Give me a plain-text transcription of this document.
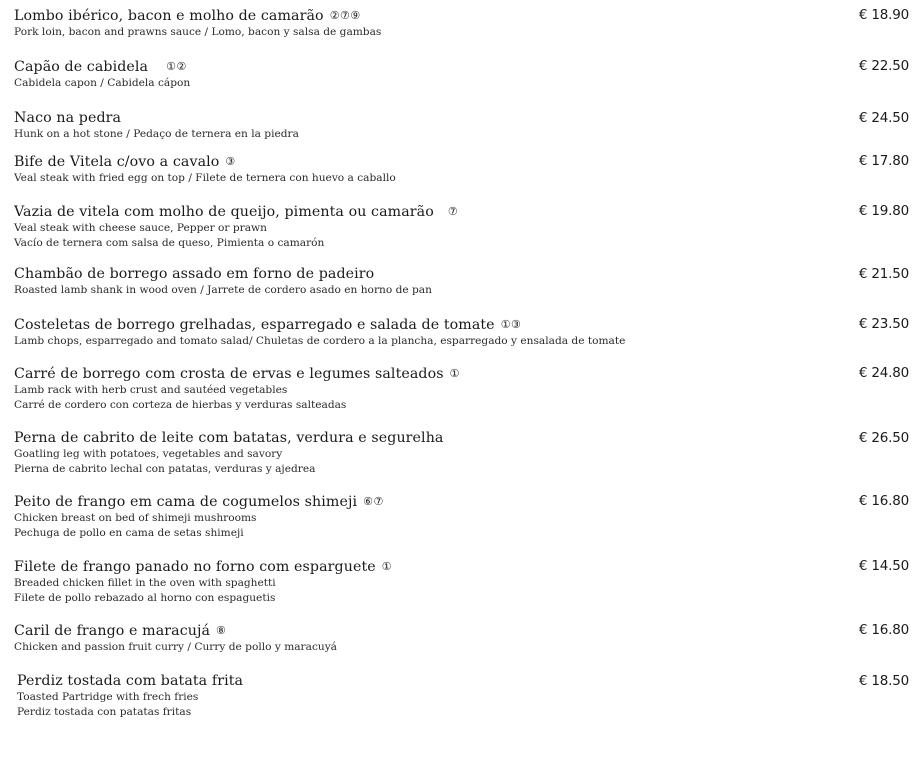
Lombo ibérico, bacon e molho de camarão ②⑦⑨
Pork loin, bacon and prawns sauce / Lomo, bacon y salsa de gambas
€ 18.90
Capão de cabidela ①②
Cabidela capon / Cabidela cápon
€ 22.50
Naco na pedra
Hunk on a hot stone / Pedaço de ternera en la piedra
€ 24.50
Bife de Vitela c/ovo a cavalo ③
Veal steak with fried egg on top / Filete de ternera con huevo a caballo
€ 17.80
Vazia de vitela com molho de queijo, pimenta ou camarão ⑦
Veal steak with cheese sauce, Pepper or prawn
Vacío de ternera com salsa de queso, Pimienta o camarón
€ 19.80
Chambão de borrego assado em forno de padeiro
Roasted lamb shank in wood oven / Jarrete de cordero asado en horno de pan
€ 21.50
Costeletas de borrego grelhadas, esparregado e salada de tomate ①③
Lamb chops, esparregado and tomato salad/ Chuletas de cordero a la plancha, esparregado y ensalada de tomate
€ 23.50
Carré de borrego com crosta de ervas e legumes salteados ①
Lamb rack with herb crust and sautéed vegetables
Carré de cordero con corteza de hierbas y verduras salteadas
€ 24.80
Perna de cabrito de leite com batatas, verdura e segurelha
Goatling leg with potatoes, vegetables and savory
Pierna de cabrito lechal con patatas, verduras y ajedrea
€ 26.50
Peito de frango em cama de cogumelos shimeji ⑥⑦
Chicken breast on bed of shimeji mushrooms
Pechuga de pollo en cama de setas shimeji
€ 16.80
Filete de frango panado no forno com esparguete ①
Breaded chicken fillet in the oven with spaghetti
Filete de pollo rebazado al horno con espaguetis
€ 14.50
Caril de frango e maracujá ⑧
Chicken and passion fruit curry / Curry de pollo y maracuyá
€ 16.80
Perdiz tostada com batata frita
Toasted Partridge with frech fries
Perdiz tostada con patatas fritas
€ 18.50
